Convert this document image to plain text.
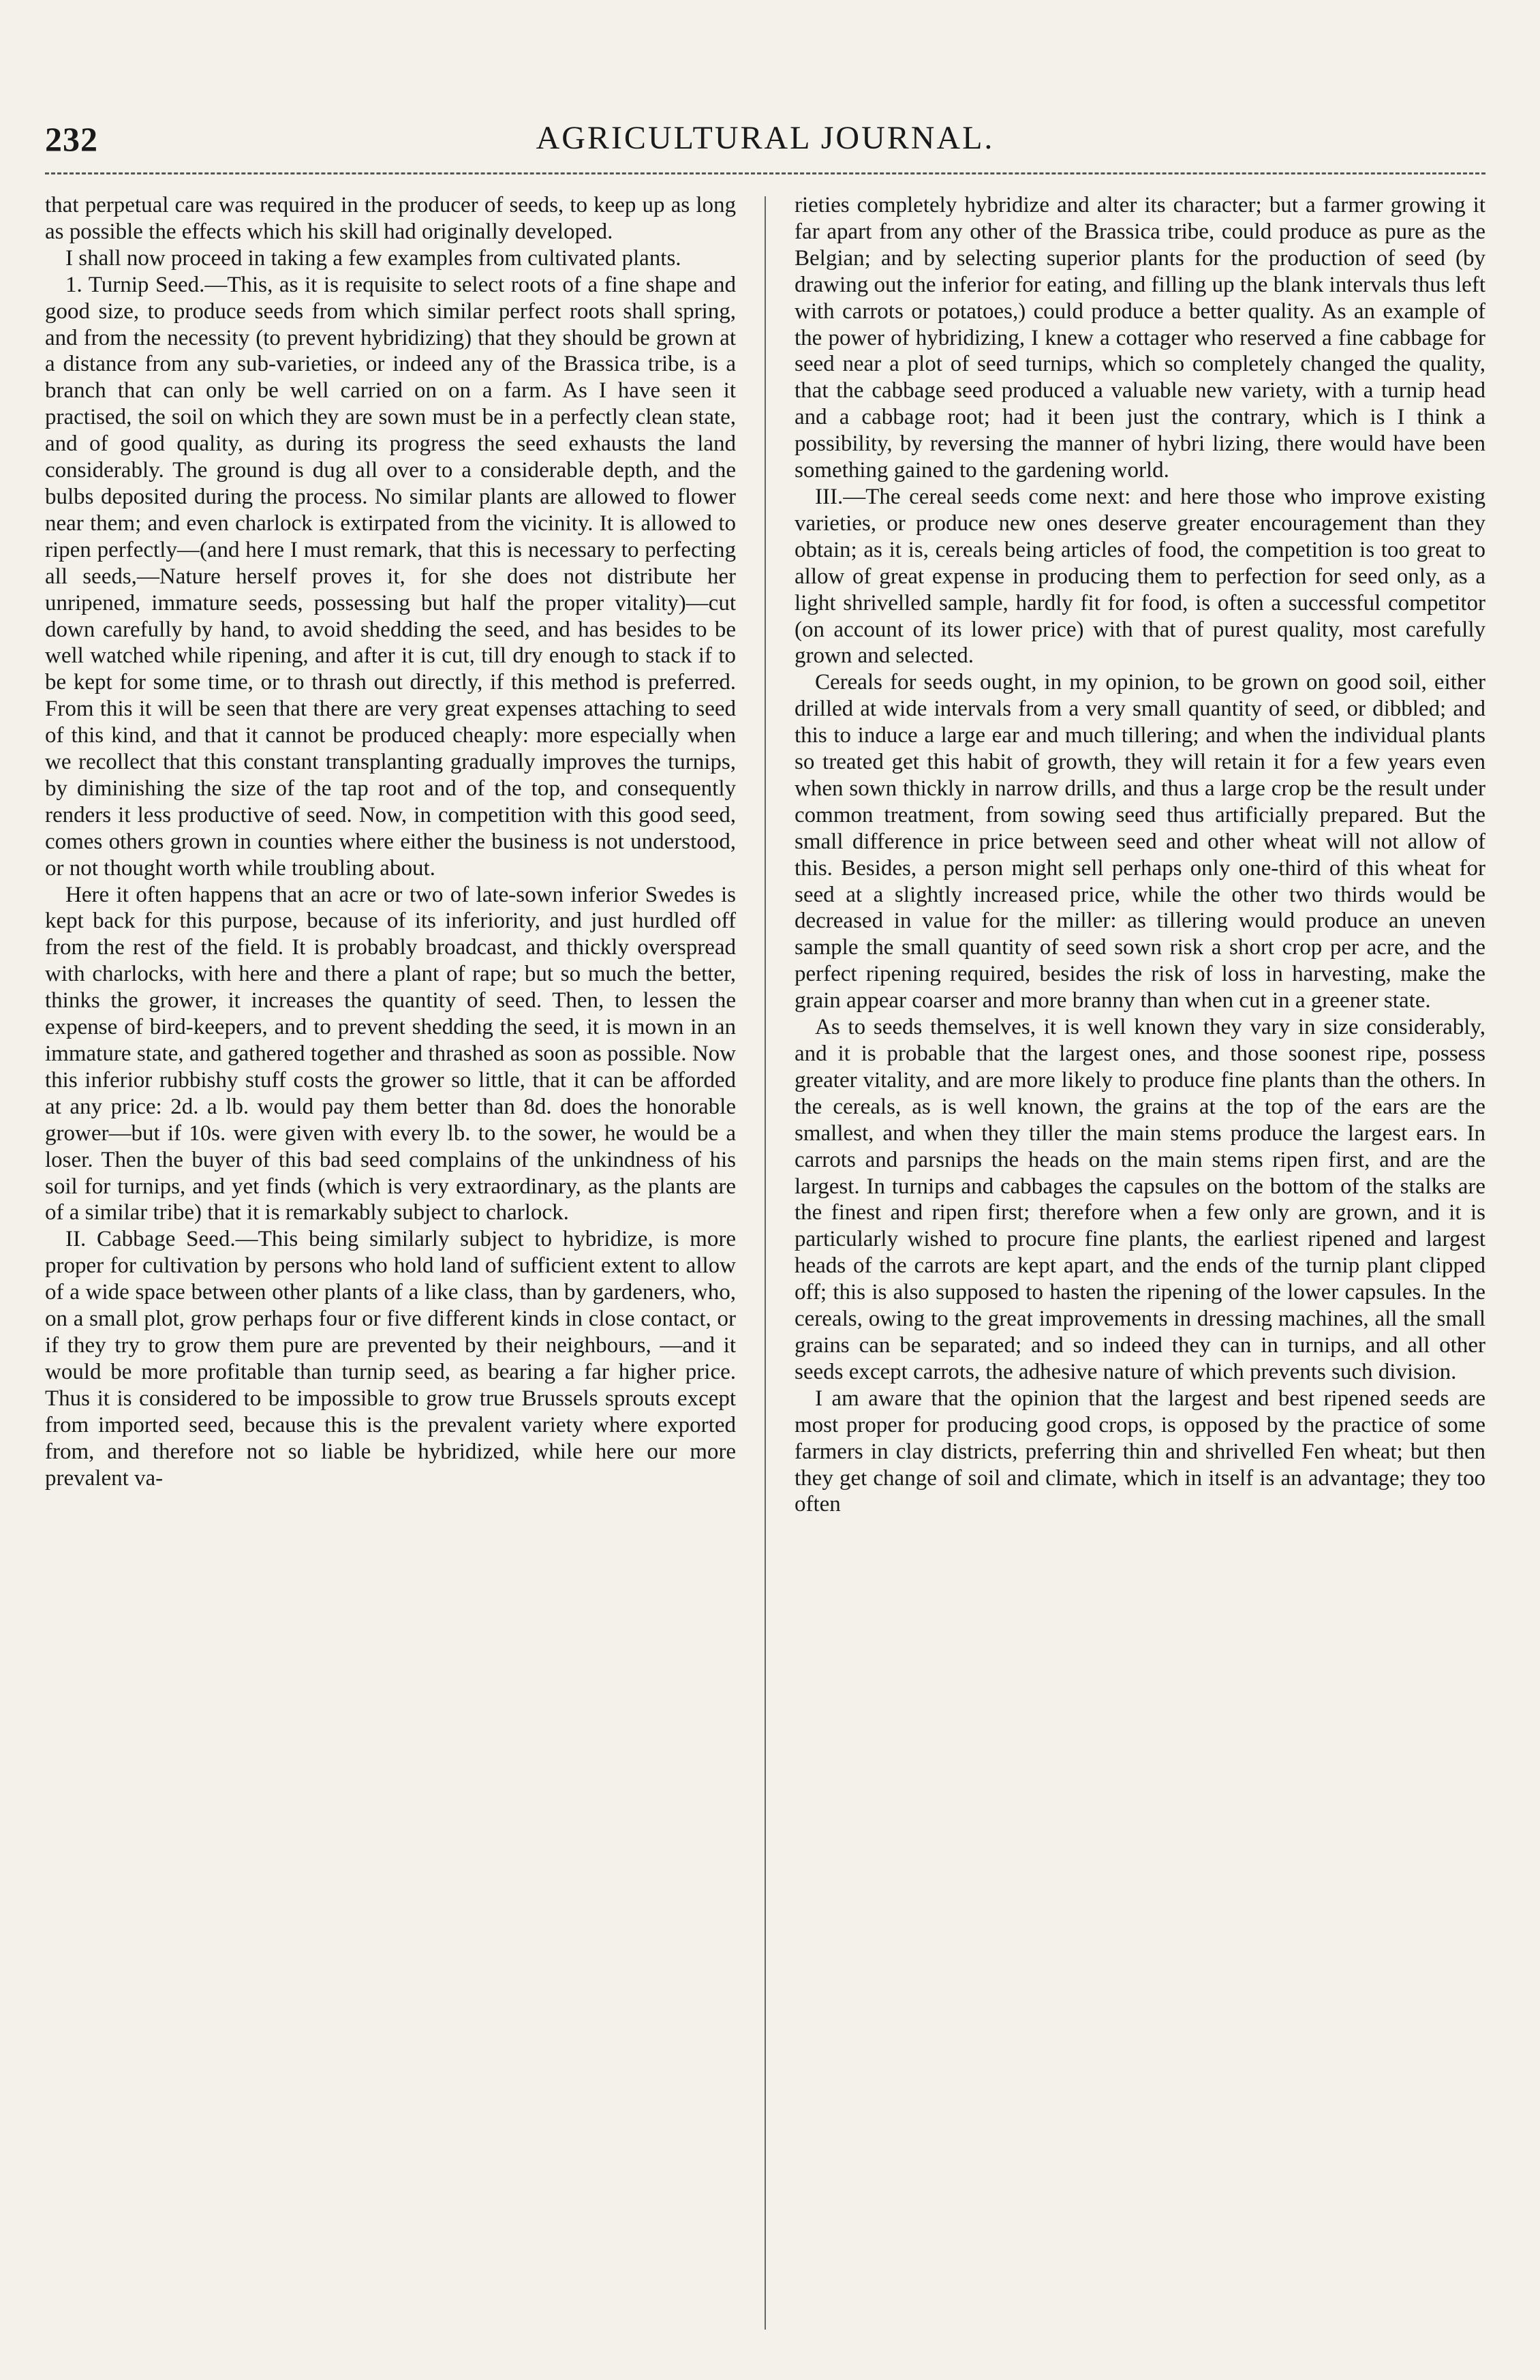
232	AGRICULTURAL JOURNAL.

that perpetual care was required in the producer of seeds, to keep up as long as possible the effects which his skill had originally developed.

I shall now proceed in taking a few examples from cultivated plants.

1. Turnip Seed.—This, as it is requisite to select roots of a fine shape and good size, to produce seeds from which similar perfect roots shall spring, and from the necessity (to prevent hybridizing) that they should be grown at a distance from any sub-varieties, or indeed any of the Brassica tribe, is a branch that can only be well carried on on a farm. As I have seen it practised, the soil on which they are sown must be in a perfectly clean state, and of good quality, as during its progress the seed exhausts the land considerably. The ground is dug all over to a considerable depth, and the bulbs deposited during the process. No similar plants are allowed to flower near them; and even charlock is extirpated from the vicinity. It is allowed to ripen perfectly—(and here I must remark, that this is necessary to perfecting all seeds,—Nature herself proves it, for she does not distribute her unripened, immature seeds, possessing but half the proper vitality)—cut down carefully by hand, to avoid shedding the seed, and has besides to be well watched while ripening, and after it is cut, till dry enough to stack if to be kept for some time, or to thrash out directly, if this method is preferred. From this it will be seen that there are very great expenses attaching to seed of this kind, and that it cannot be produced cheaply: more especially when we recollect that this constant transplanting gradually improves the turnips, by diminishing the size of the tap root and of the top, and consequently renders it less productive of seed. Now, in competition with this good seed, comes others grown in counties where either the business is not understood, or not thought worth while troubling about.

Here it often happens that an acre or two of late-sown inferior Swedes is kept back for this purpose, because of its inferiority, and just hurdled off from the rest of the field. It is probably broadcast, and thickly overspread with charlocks, with here and there a plant of rape; but so much the better, thinks the grower, it increases the quantity of seed. Then, to lessen the expense of bird-keepers, and to prevent shedding the seed, it is mown in an immature state, and gathered together and thrashed as soon as possible. Now this inferior rubbishy stuff costs the grower so little, that it can be afforded at any price: 2d. a lb. would pay them better than 8d. does the honorable grower—but if 10s. were given with every lb. to the sower, he would be a loser. Then the buyer of this bad seed complains of the unkindness of his soil for turnips, and yet finds (which is very extraordinary, as the plants are of a similar tribe) that it is remarkably subject to charlock.

II. Cabbage Seed.—This being similarly subject to hybridize, is more proper for cultivation by persons who hold land of sufficient extent to allow of a wide space between other plants of a like class, than by gardeners, who, on a small plot, grow perhaps four or five different kinds in close contact, or if they try to grow them pure are prevented by their neighbours, —and it would be more profitable than turnip seed, as bearing a far higher price. Thus it is considered to be impossible to grow true Brussels sprouts except from imported seed, because this is the prevalent variety where exported from, and therefore not so liable be hybridized, while here our more prevalent va-

rieties completely hybridize and alter its character; but a farmer growing it far apart from any other of the Brassica tribe, could produce as pure as the Belgian; and by selecting superior plants for the production of seed (by drawing out the inferior for eating, and filling up the blank intervals thus left with carrots or potatoes,) could produce a better quality. As an example of the power of hybridizing, I knew a cottager who reserved a fine cabbage for seed near a plot of seed turnips, which so completely changed the quality, that the cabbage seed produced a valuable new variety, with a turnip head and a cabbage root; had it been just the contrary, which is I think a possibility, by reversing the manner of hybri lizing, there would have been something gained to the gardening world.

III.—The cereal seeds come next: and here those who improve existing varieties, or produce new ones deserve greater encouragement than they obtain; as it is, cereals being articles of food, the competition is too great to allow of great expense in producing them to perfection for seed only, as a light shrivelled sample, hardly fit for food, is often a successful competitor (on account of its lower price) with that of purest quality, most carefully grown and selected.

Cereals for seeds ought, in my opinion, to be grown on good soil, either drilled at wide intervals from a very small quantity of seed, or dibbled; and this to induce a large ear and much tillering; and when the individual plants so treated get this habit of growth, they will retain it for a few years even when sown thickly in narrow drills, and thus a large crop be the result under common treatment, from sowing seed thus artificially prepared. But the small difference in price between seed and other wheat will not allow of this. Besides, a person might sell perhaps only one-third of this wheat for seed at a slightly increased price, while the other two thirds would be decreased in value for the miller: as tillering would produce an uneven sample the small quantity of seed sown risk a short crop per acre, and the perfect ripening required, besides the risk of loss in harvesting, make the grain appear coarser and more branny than when cut in a greener state.

As to seeds themselves, it is well known they vary in size considerably, and it is probable that the largest ones, and those soonest ripe, possess greater vitality, and are more likely to produce fine plants than the others. In the cereals, as is well known, the grains at the top of the ears are the smallest, and when they tiller the main stems produce the largest ears. In carrots and parsnips the heads on the main stems ripen first, and are the largest. In turnips and cabbages the capsules on the bottom of the stalks are the finest and ripen first; therefore when a few only are grown, and it is particularly wished to procure fine plants, the earliest ripened and largest heads of the carrots are kept apart, and the ends of the turnip plant clipped off; this is also supposed to hasten the ripening of the lower capsules. In the cereals, owing to the great improvements in dressing machines, all the small grains can be separated; and so indeed they can in turnips, and all other seeds except carrots, the adhesive nature of which prevents such division.

I am aware that the opinion that the largest and best ripened seeds are most proper for producing good crops, is opposed by the practice of some farmers in clay districts, preferring thin and shrivelled Fen wheat; but then they get change of soil and climate, which in itself is an advantage; they too often
